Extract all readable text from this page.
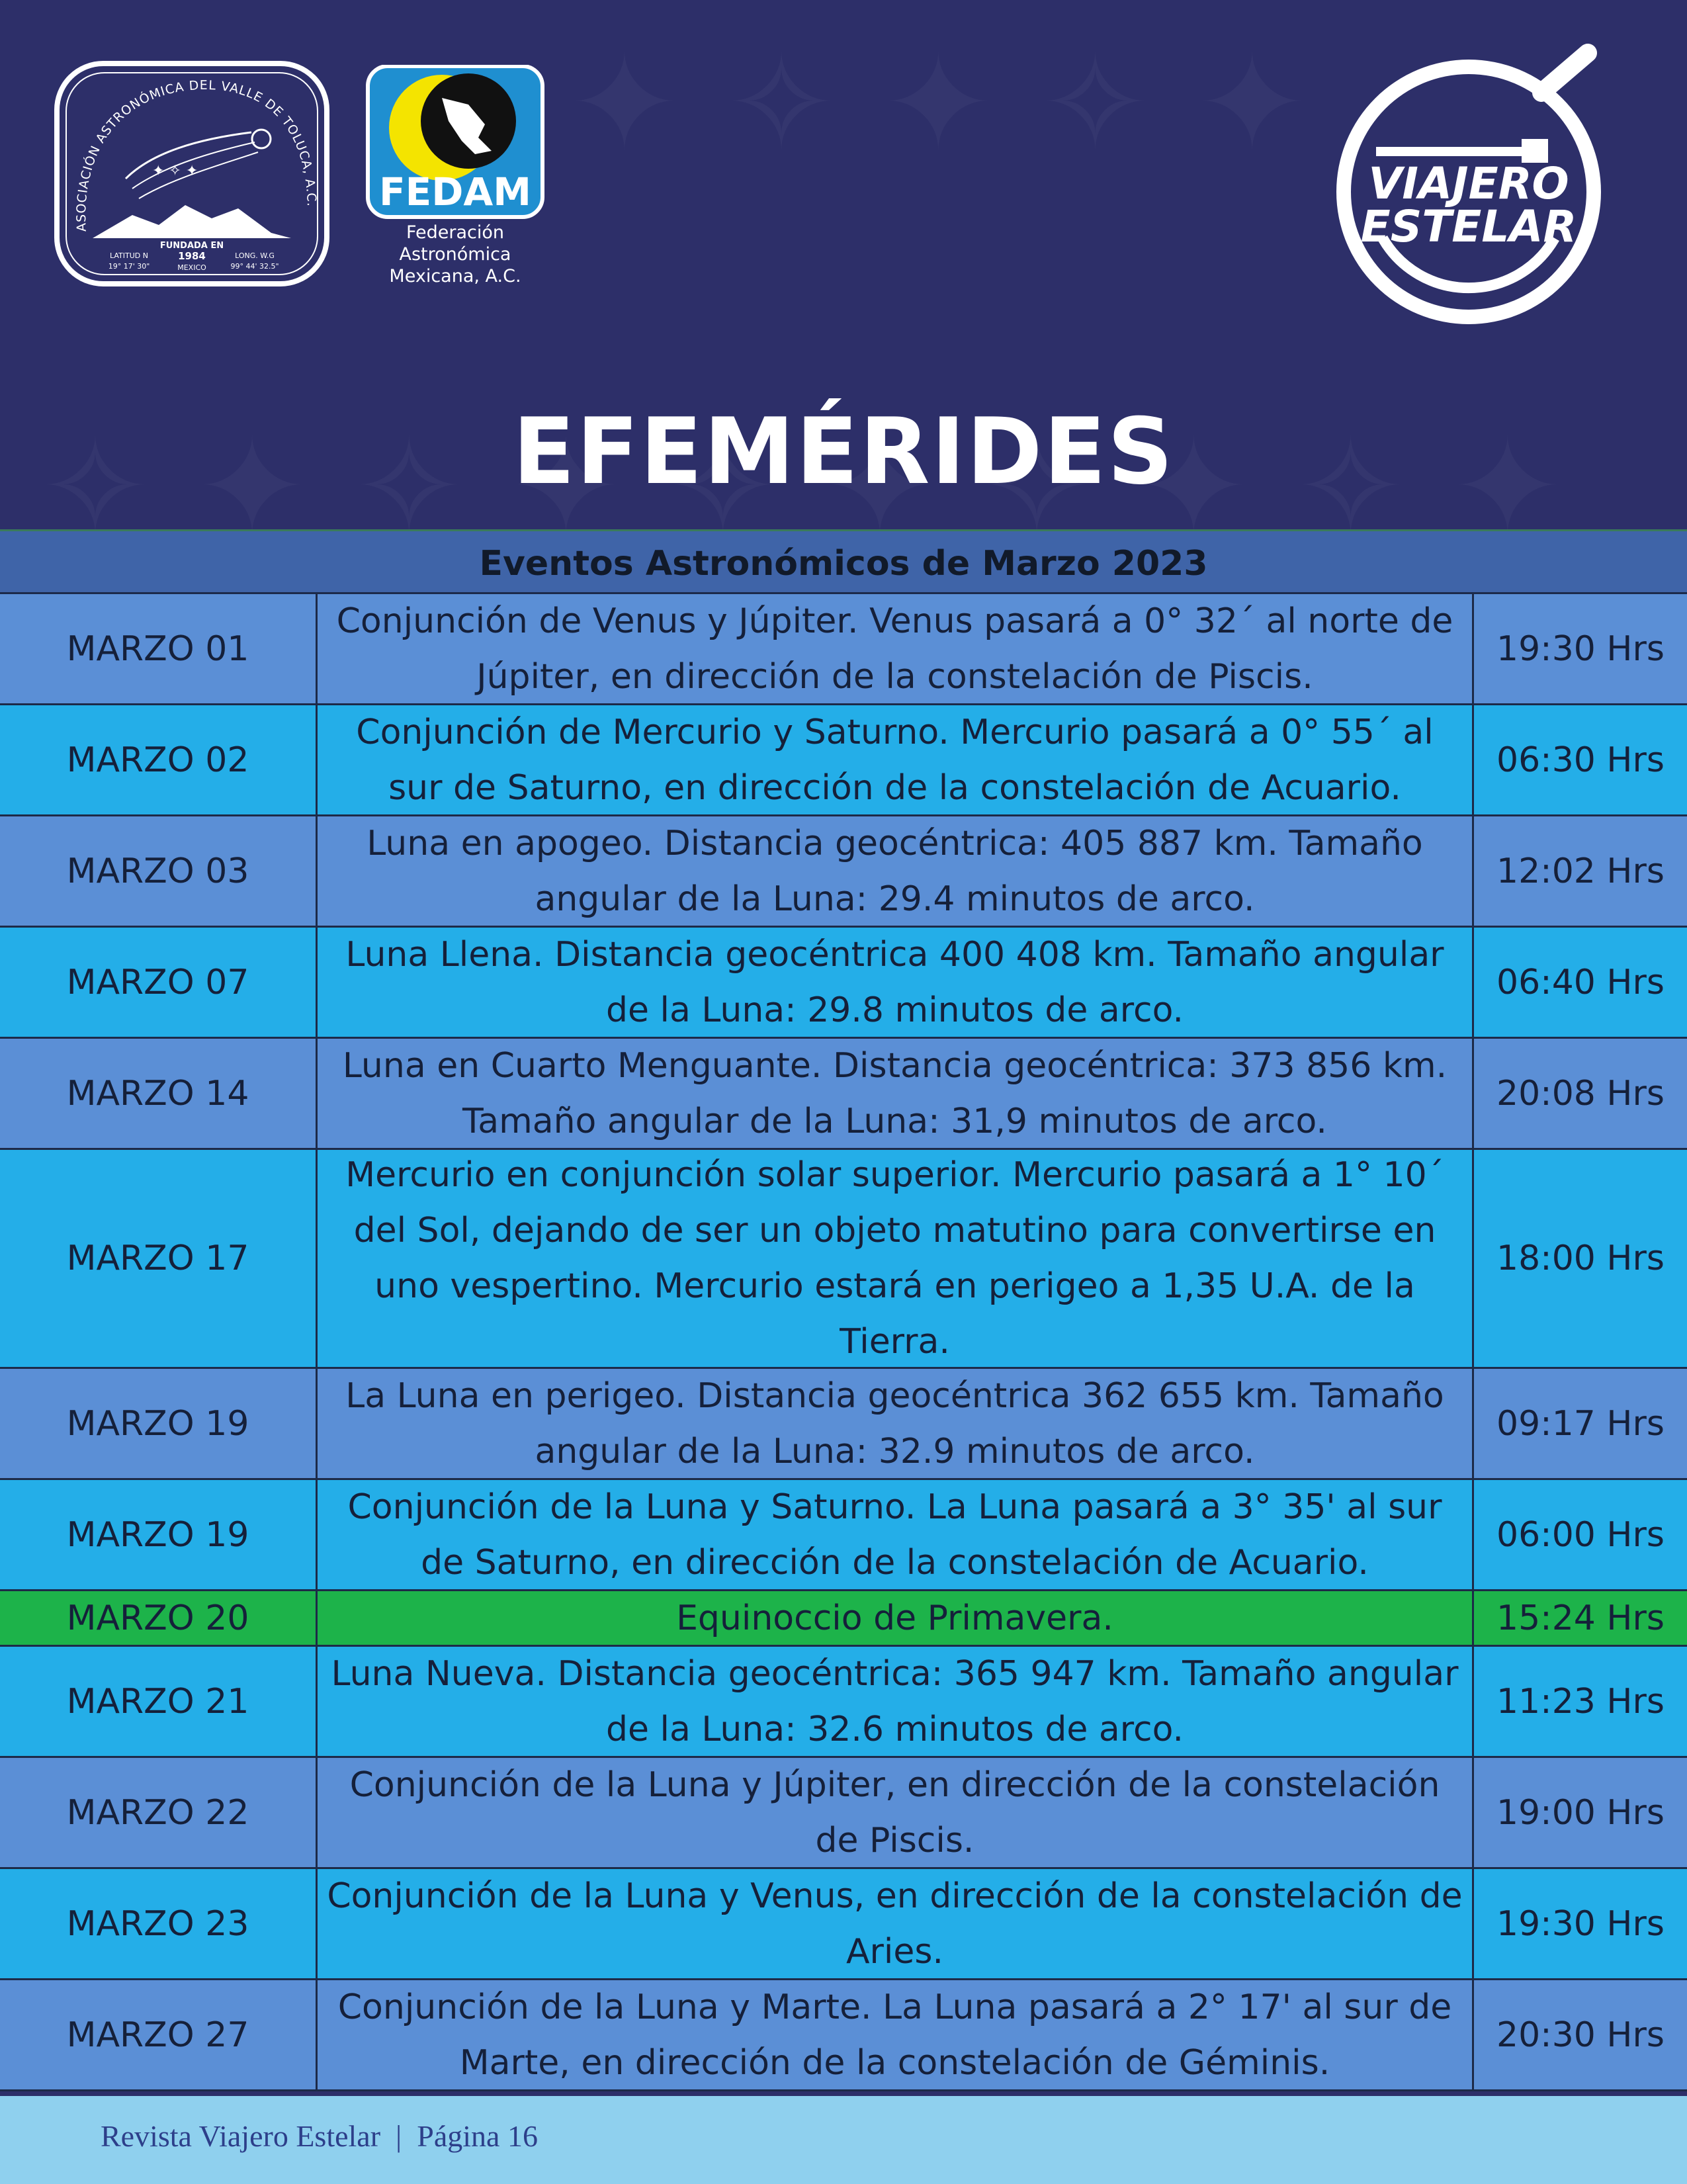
ASOCIACIÓN ASTRONÓMICA DEL VALLE DE TOLUCA, A.C.
✦ ✧ ✦
FUNDADA EN
1984
MEXICO
LATITUD N
19° 17' 30"
LONG. W.G
99° 44' 32.5"
FEDAM
Federación
Astronómica
Mexicana, A.C.
VIAJERO
ESTELAR
EFEMÉRIDES
Eventos Astronómicos de Marzo 2023
MARZO 01
Conjunción de Venus y Júpiter. Venus pasará a 0° 32´ al norte de Júpiter, en dirección de la constelación de Piscis.
19:30 Hrs
MARZO 02
Conjunción de Mercurio y Saturno. Mercurio pasará a 0° 55´ al sur de Saturno, en dirección de la constelación de Acuario.
06:30 Hrs
MARZO 03
Luna en apogeo. Distancia geocéntrica: 405 887 km. Tamaño angular de la Luna: 29.4 minutos de arco.
12:02 Hrs
MARZO 07
Luna Llena. Distancia geocéntrica 400 408 km. Tamaño angular de la Luna: 29.8 minutos de arco.
06:40 Hrs
MARZO 14
Luna en Cuarto Menguante. Distancia geocéntrica: 373 856 km. Tamaño angular de la Luna: 31,9 minutos de arco.
20:08 Hrs
MARZO 17
Mercurio en conjunción solar superior. Mercurio pasará a 1° 10´ del Sol, dejando de ser un objeto matutino para convertirse en uno vespertino. Mercurio estará en perigeo a 1,35 U.A. de la Tierra.
18:00 Hrs
MARZO 19
La Luna en perigeo. Distancia geocéntrica 362 655 km. Tamaño angular de la Luna: 32.9 minutos de arco.
09:17 Hrs
MARZO 19
Conjunción de la Luna y Saturno. La Luna pasará a 3° 35' al sur de Saturno, en dirección de la constelación de Acuario.
06:00 Hrs
MARZO 20	Equinoccio de Primavera.	15:24 Hrs
MARZO 21
Luna Nueva. Distancia geocéntrica: 365 947 km. Tamaño angular de la Luna: 32.6 minutos de arco.
11:23 Hrs
MARZO 22
Conjunción de la Luna y Júpiter, en dirección de la constelación de Piscis.
19:00 Hrs
MARZO 23
Conjunción de la Luna y Venus, en dirección de la constelación de Aries.
19:30 Hrs
MARZO 27
Conjunción de la Luna y Marte. La Luna pasará a 2° 17' al sur de Marte, en dirección de la constelación de Géminis.
20:30 Hrs
Revista Viajero Estelar | Página 16
